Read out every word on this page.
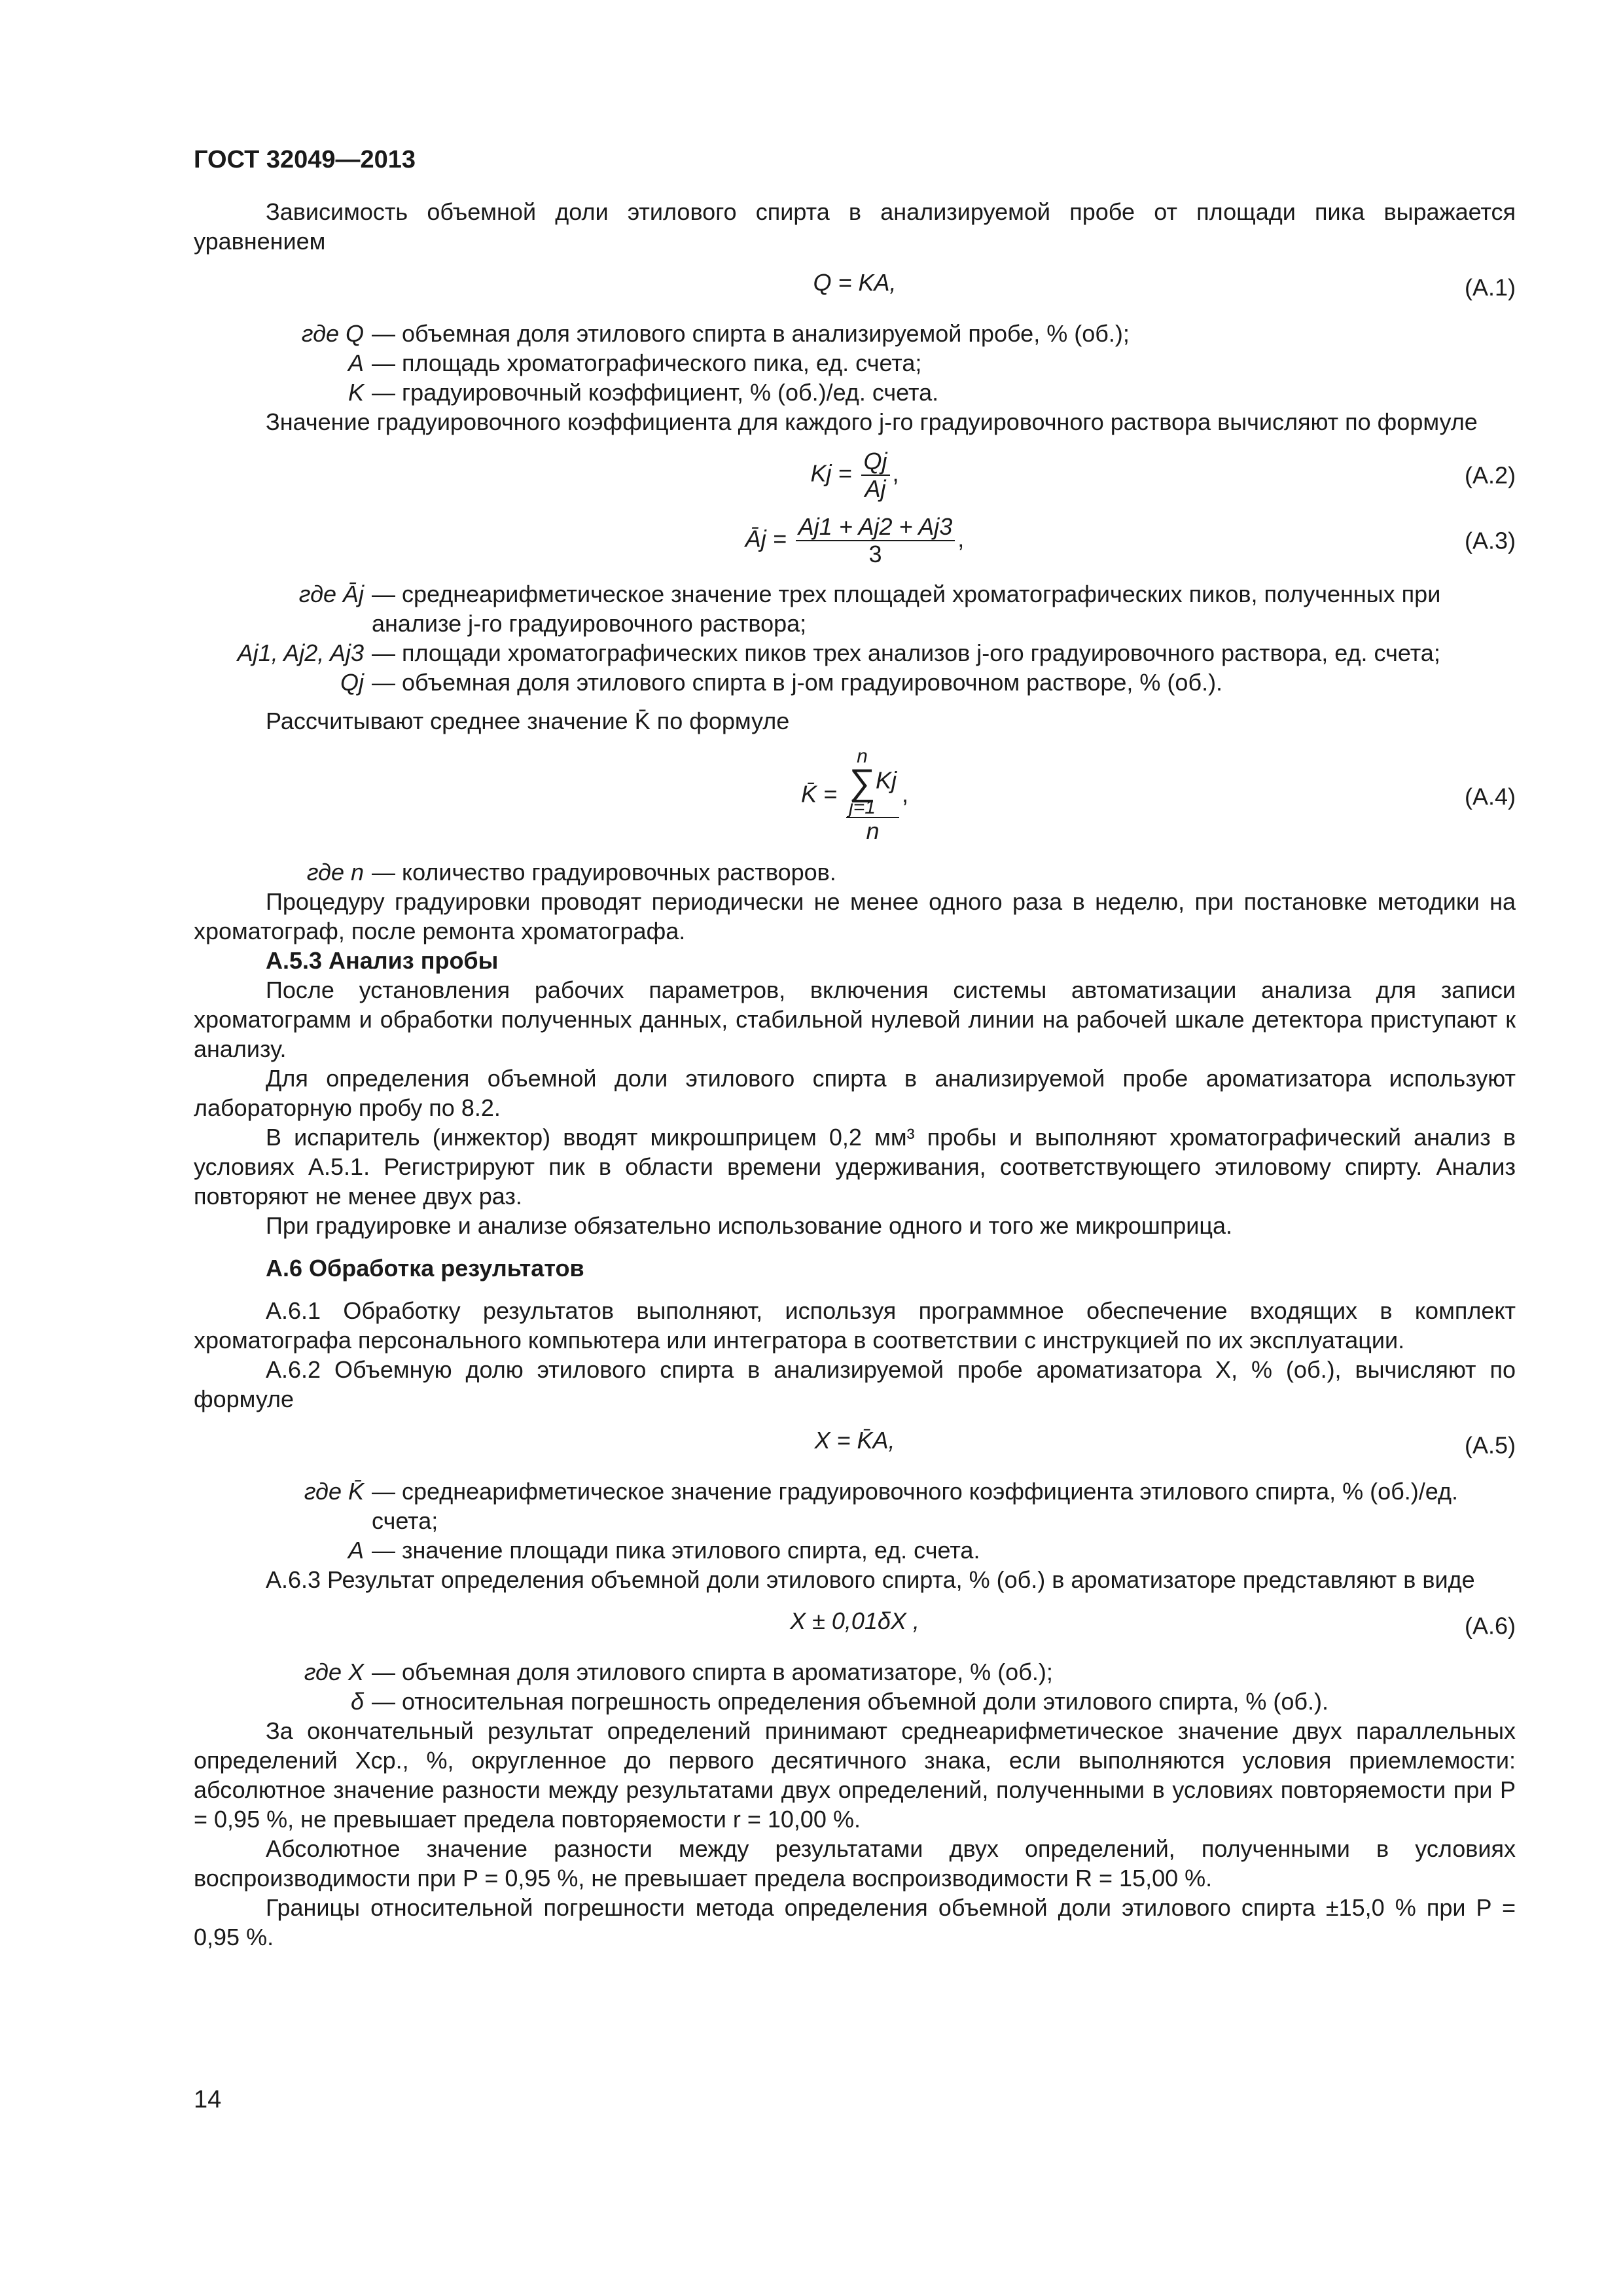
ГОСТ 32049—2013

Зависимость объемной доли этилового спирта в анализируемой пробе от площади пика выражается уравнением

Q = KA,	(А.1)
где Q — объемная доля этилового спирта в анализируемой пробе, % (об.);
A — площадь хроматографического пика, ед. счета;
K — градуировочный коэффициент, % (об.)/ед. счета.

Значение градуировочного коэффициента для каждого j-го градуировочного раствора вычисляют по формуле

$Kj = \frac{Qj}{Aj}$ ,	(А.2)
Āj = $\frac{Aj1 + Aj2 + Aj3}{3}$ ,	(А.3)
где Āj — среднеарифметическое значение трех площадей хроматографических пиков, полученных при анализе j-го градуировочного раствора;
Aj1, Aj2, Aj3 — площади хроматографических пиков трех анализов j-ого градуировочного раствора, ед. счета;
Qj — объемная доля этилового спирта в j-ом градуировочном растворе, % (об.).

Рассчитывают среднее значение K̄ по формуле

K̄ = n
∑
j=1Kj
n ,	(А.4)
где n — количество градуировочных растворов.

Процедуру градуировки проводят периодически не менее одного раза в неделю, при постановке методики на хроматограф, после ремонта хроматографа.

А.5.3 Анализ пробы

После установления рабочих параметров, включения системы автоматизации анализа для записи хроматограмм и обработки полученных данных, стабильной нулевой линии на рабочей шкале детектора приступают к анализу.

Для определения объемной доли этилового спирта в анализируемой пробе ароматизатора используют лабораторную пробу по 8.2.

В испаритель (инжектор) вводят микрошприцем 0,2 мм³ пробы и выполняют хроматографический анализ в условиях А.5.1. Регистрируют пик в области времени удерживания, соответствующего этиловому спирту. Анализ повторяют не менее двух раз.

При градуировке и анализе обязательно использование одного и того же микрошприца.

А.6 Обработка результатов

А.6.1 Обработку результатов выполняют, используя программное обеспечение входящих в комплект хроматографа персонального компьютера или интегратора в соответствии с инструкцией по их эксплуатации.

А.6.2 Объемную долю этилового спирта в анализируемой пробе ароматизатора X, % (об.), вычисляют по формуле

X = K̄A,	(А.5)
где K̄ — среднеарифметическое значение градуировочного коэффициента этилового спирта, % (об.)/ед. счета;
A — значение площади пика этилового спирта, ед. счета.

А.6.3 Результат определения объемной доли этилового спирта, % (об.) в ароматизаторе представляют в виде

X ± 0,01δX ,	(А.6)
где X — объемная доля этилового спирта в ароматизаторе, % (об.);
δ — относительная погрешность определения объемной доли этилового спирта, % (об.).

За окончательный результат определений принимают среднеарифметическое значение двух параллельных определений Xср., %, округленное до первого десятичного знака, если выполняются условия приемлемости: абсолютное значение разности между результатами двух определений, полученными в условиях повторяемости при P = 0,95 %, не превышает предела повторяемости r = 10,00 %.

Абсолютное значение разности между результатами двух определений, полученными в условиях воспроизводимости при P = 0,95 %, не превышает предела воспроизводимости R = 15,00 %.

Границы относительной погрешности метода определения объемной доли этилового спирта ±15,0 % при P = 0,95 %.

14
